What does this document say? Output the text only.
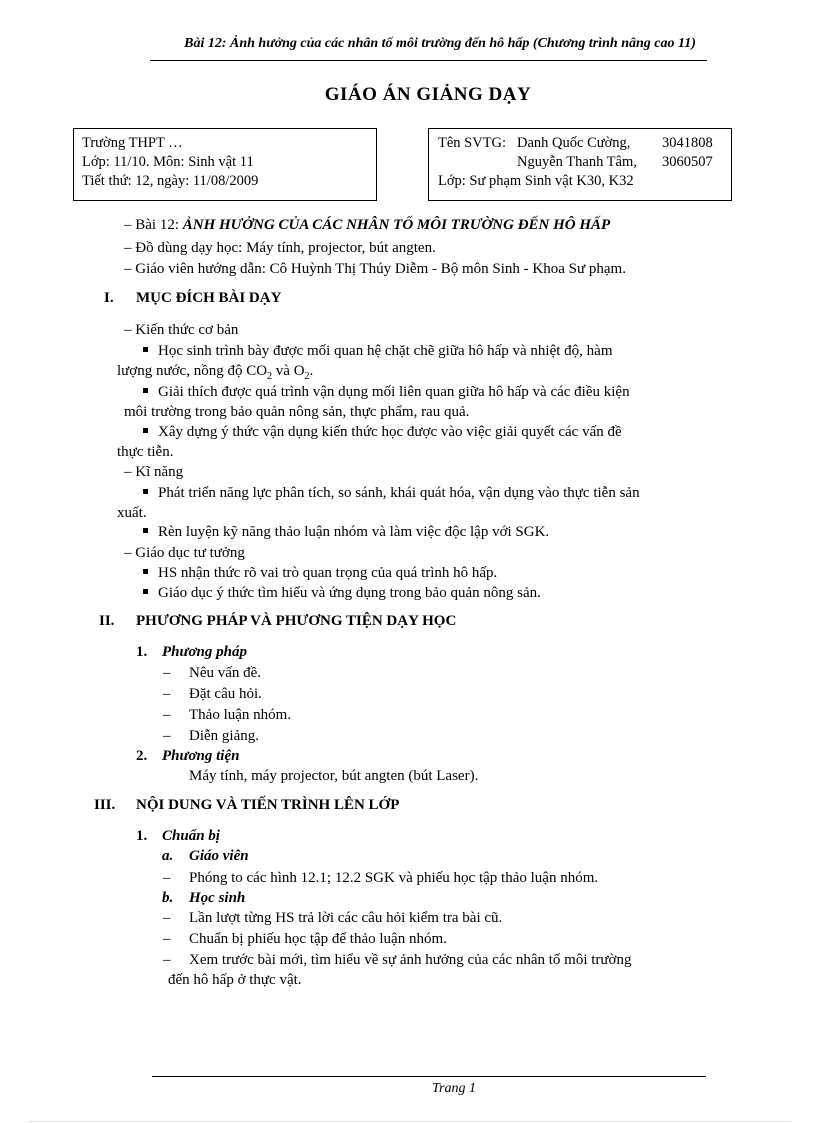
Bài 12: Ảnh hưởng của các nhân tố môi trường đến hô hấp (Chương trình nâng cao 11)
GIÁO ÁN GIẢNG DẠY
Trường THPT …
Lớp: 11/10. Môn: Sinh vật 11
Tiết thứ: 12, ngày: 11/08/2009
Tên SVTG: Danh Quốc Cường, 3041808
Nguyễn Thanh Tâm, 3060507
Lớp: Sư phạm Sinh vật K30, K32
– Bài 12: ẢNH HƯỞNG CỦA CÁC NHÂN TỐ MÔI TRƯỜNG ĐẾN HÔ HẤP
– Đồ dùng dạy học: Máy tính, projector, bút angten.
– Giáo viên hướng dẫn: Cô Huỳnh Thị Thúy Diễm - Bộ môn Sinh - Khoa Sư phạm.
I. MỤC ĐÍCH BÀI DẠY
– Kiến thức cơ bản
Học sinh trình bày được mối quan hệ chặt chẽ giữa hô hấp và nhiệt độ, hàm
lượng nước, nồng độ $CO_2$ và $O_2$.
Giải thích được quá trình vận dụng mối liên quan giữa hô hấp và các điều kiện
môi trường trong bảo quản nông sản, thực phẩm, rau quả.
Xây dựng ý thức vận dụng kiến thức học được vào việc giải quyết các vấn đề
thực tiễn.
– Kĩ năng
Phát triển năng lực phân tích, so sánh, khái quát hóa, vận dụng vào thực tiễn sản
xuất.
Rèn luyện kỹ năng thảo luận nhóm và làm việc độc lập với SGK.
– Giáo dục tư tưởng
HS nhận thức rõ vai trò quan trọng của quá trình hô hấp.
Giáo dục ý thức tìm hiểu và ứng dụng trong bảo quản nông sản.
II. PHƯƠNG PHÁP VÀ PHƯƠNG TIỆN DẠY HỌC
1. Phương pháp
– Nêu vấn đề.
– Đặt câu hỏi.
– Thảo luận nhóm.
– Diễn giảng.
2. Phương tiện
Máy tính, máy projector, bút angten (bút Laser).
III. NỘI DUNG VÀ TIẾN TRÌNH LÊN LỚP
1. Chuẩn bị
a. Giáo viên
– Phóng to các hình 12.1; 12.2 SGK và phiếu học tập thảo luận nhóm.
b. Học sinh
– Lần lượt từng HS trả lời các câu hỏi kiểm tra bài cũ.
– Chuẩn bị phiếu học tập để thảo luận nhóm.
– Xem trước bài mới, tìm hiểu về sự ảnh hưởng của các nhân tố môi trường
đến hô hấp ở thực vật.
Trang 1
